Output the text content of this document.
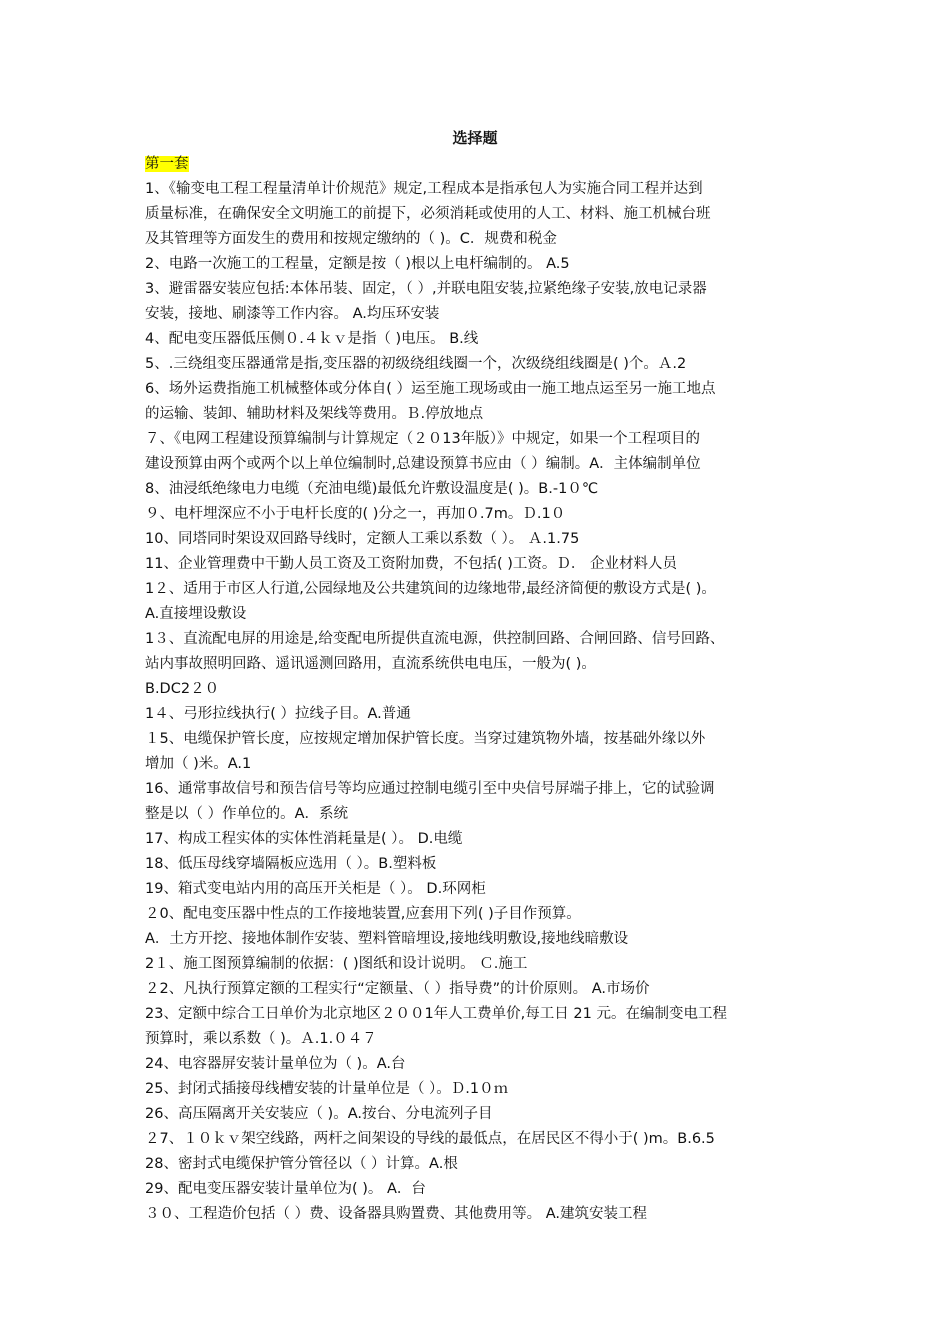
选择题
第一套
1、《输变电工程工程量清单计价规范》规定,工程成本是指承包人为实施合同工程并达到
质量标准，在确保安全文明施工的前提下，必须消耗或使用的人工、材料、施工机械台班
及其管理等方面发生的费用和按规定缴纳的（ )。C．规费和税金
2、电路一次施工的工程量，定额是按（ )根以上电杆编制的。 A.5
3、避雷器安装应包括:本体吊装、固定，（ ）,并联电阻安装,拉紧绝缘子安装,放电记录器
安装，接地、刷漆等工作内容。 A.均压环安装
4、配电变压器低压侧０.４ｋｖ是指（ )电压。 B.线
5、.三绕组变压器通常是指,变压器的初级绕组线圈一个，次级绕组线圈是( )个。Ａ.2
6、场外运费指施工机械整体或分体自( ）运至施工现场或由一施工地点运至另一施工地点
的运输、装卸、辅助材料及架线等费用。Ｂ.停放地点
７、《电网工程建设预算编制与计算规定（２０13年版）》中规定，如果一个工程项目的
建设预算由两个或两个以上单位编制时,总建设预算书应由（ ）编制。A．主体编制单位
8、油浸纸绝缘电力电缆（充油电缆)最低允许敷设温度是( )。B.-1０℃
９、电杆埋深应不小于电杆长度的( )分之一，再加０.7m。Ｄ.1０
10、同塔同时架设双回路导线时，定额人工乘以系数（ ）。 Ａ.1.75
11、企业管理费中干勤人员工资及工资附加费，不包括( )工资。Ｄ． 企业材料人员
1２、适用于市区人行道,公园绿地及公共建筑间的边缘地带,最经济简便的敷设方式是( )。
A.直接埋设敷设
1３、直流配电屏的用途是,给变配电所提供直流电源，供控制回路、合闸回路、信号回路、
站内事故照明回路、遥讯遥测回路用，直流系统供电电压，一般为( )。
B.DC2２０
1４、弓形拉线执行( ）拉线子目。A.普通
１5、电缆保护管长度，应按规定增加保护管长度。当穿过建筑物外墙，按基础外缘以外
增加（ )米。A.1
16、通常事故信号和预告信号等均应通过控制电缆引至中央信号屏端子排上，它的试验调
整是以（ ）作单位的。A．系统
17、构成工程实体的实体性消耗量是( ）。 D.电缆
18、低压母线穿墙隔板应选用（ ）。B.塑料板
19、箱式变电站内用的高压开关柜是（ ）。 D.环网柜
２0、配电变压器中性点的工作接地装置,应套用下列( )子目作预算。
A．土方开挖、接地体制作安装、塑料管暗埋设,接地线明敷设,接地线暗敷设
2１、施工图预算编制的依据：( )图纸和设计说明。 Ｃ.施工
２2、凡执行预算定额的工程实行“定额量、（ ）指导费”的计价原则。 A.市场价
23、定额中综合工日单价为北京地区２００1年人工费单价,每工日 21 元。在编制变电工程
预算时，乘以系数（ )。Ａ.1.０４７
24、电容器屏安装计量单位为（ )。A.台
25、封闭式插接母线槽安装的计量单位是（ ）。Ｄ.1０ｍ
26、高压隔离开关安装应（ )。A.按台、分电流列子目
２7、１０ｋｖ架空线路，两杆之间架设的导线的最低点，在居民区不得小于( )m。B.6.5
28、密封式电缆保护管分管径以（ ）计算。A.根
29、配电变压器安装计量单位为( )。 A．台
３０、工程造价包括（ ）费、设备器具购置费、其他费用等。 A.建筑安装工程
